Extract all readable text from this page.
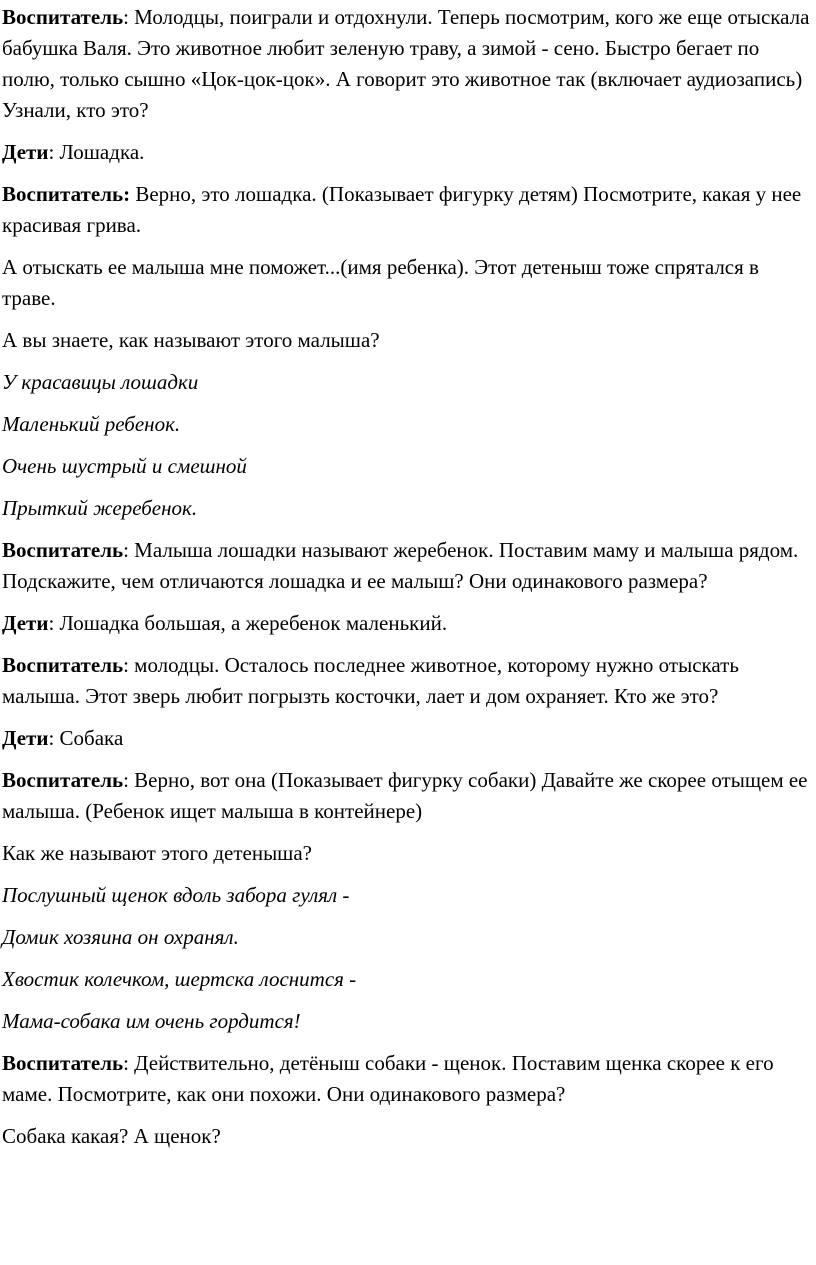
Воспитатель: Молодцы, поиграли и отдохнули. Теперь посмотрим, кого же еще отыскала бабушка Валя. Это животное любит зеленую траву, а зимой - сено. Быстро бегает по полю, только сышно «Цок-цок-цок». А говорит это животное так (включает аудиозапись) Узнали, кто это?

Дети: Лошадка.

Воспитатель: Верно, это лошадка. (Показывает фигурку детям) Посмотрите, какая у нее красивая грива.

А отыскать ее малыша мне поможет...(имя ребенка). Этот детеныш тоже спрятался в траве.

А вы знаете, как называют этого малыша?

У красавицы лошадки

Маленький ребенок.

Очень шустрый и смешной

Прыткий жеребенок.

Воспитатель: Малыша лошадки называют жеребенок. Поставим маму и малыша рядом. Подскажите, чем отличаются лошадка и ее малыш? Они одинакового размера?

Дети: Лошадка большая, а жеребенок маленький.

Воспитатель: молодцы. Осталось последнее животное, которому нужно отыскать малыша. Этот зверь любит погрызть косточки, лает и дом охраняет. Кто же это?

Дети: Собака

Воспитатель: Верно, вот она (Показывает фигурку собаки) Давайте же скорее отыщем ее малыша. (Ребенок ищет малыша в контейнере)

Как же называют этого детеныша?

Послушный щенок вдоль забора гулял -

Домик хозяина он охранял.

Хвостик колечком, шертска лоснится -

Мама-собака им очень гордится!

Воспитатель: Действительно, детёныш собаки - щенок. Поставим щенка скорее к его маме. Посмотрите, как они похожи. Они одинакового размера?

Собака какая? А щенок?
